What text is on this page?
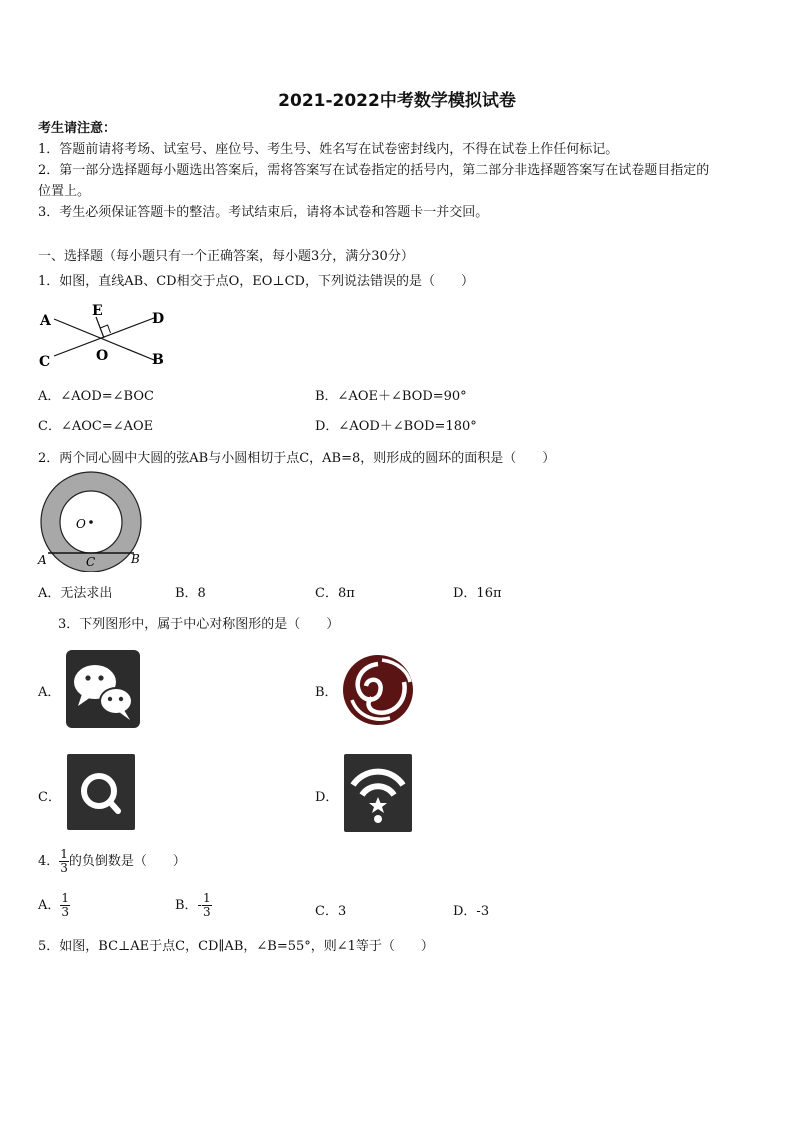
2021-2022中考数学模拟试卷
考生请注意：
1．答题前请将考场、试室号、座位号、考生号、姓名写在试卷密封线内，不得在试卷上作任何标记。
2．第一部分选择题每小题选出答案后，需将答案写在试卷指定的括号内，第二部分非选择题答案写在试卷题目指定的
位置上。
3．考生必须保证答题卡的整洁。考试结束后，请将本试卷和答题卡一并交回。
一、选择题（每小题只有一个正确答案，每小题3分，满分30分）
1．如图，直线AB、CD相交于点O，EO⊥CD，下列说法错误的是（　　）
A
E	D
C	O	B
A．∠AOD=∠BOC	B．∠AOE＋∠BOD=90°
C．∠AOC=∠AOE	D．∠AOD＋∠BOD=180°
2．两个同心圆中大圆的弦AB与小圆相切于点C，AB=8，则形成的圆环的面积是（　　）
O
A	C	B
A．无法求出	B．8	C．8π	D．16π
3．下列图形中，属于中心对称图形的是（　　）
A．	B．
C．	D．
4． $\frac{1}{3}$ 的负倒数是（　　）
A． $\frac{1}{3}$	B．- $\frac{1}{3}$	C．3	D．-3
5．如图，BC⊥AE于点C，CD∥AB，∠B=55°，则∠1等于（　　）
